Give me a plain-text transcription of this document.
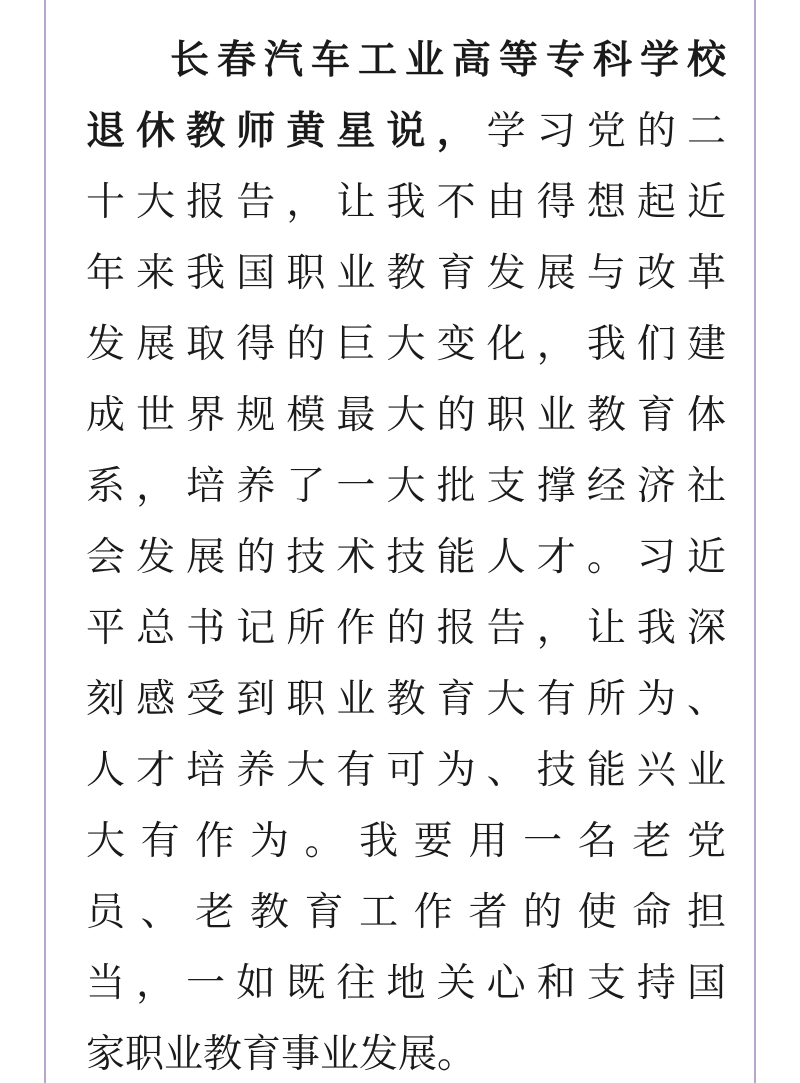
长春汽车工业高等专科学校
退休教师黄星说，学习党的二
十大报告，让我不由得想起近
年来我国职业教育发展与改革
发展取得的巨大变化，我们建
成世界规模最大的职业教育体
系，培养了一大批支撑经济社
会发展的技术技能人才。习近
平总书记所作的报告，让我深
刻感受到职业教育大有所为、
人才培养大有可为、技能兴业
大有作为。我要用一名老党
员、老教育工作者的使命担
当，一如既往地关心和支持国
家职业教育事业发展。
